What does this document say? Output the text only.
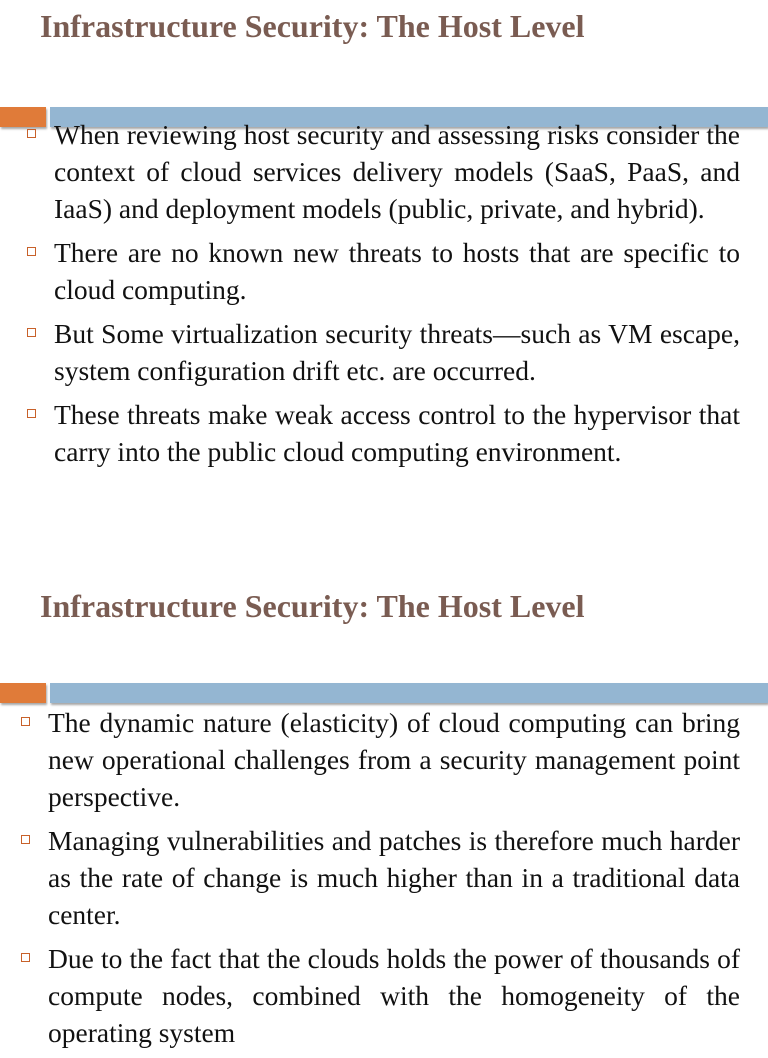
Infrastructure Security: The Host Level
When reviewing host security and assessing risks consider the context of cloud services delivery models (SaaS, PaaS, and IaaS) and deployment models (public, private, and hybrid).
There are no known new threats to hosts that are specific to cloud computing.
But Some virtualization security threats—such as VM escape, system configuration drift etc. are occurred.
These threats make weak access control to the hypervisor that carry into the public cloud computing environment.
Infrastructure Security: The Host Level
The dynamic nature (elasticity) of cloud computing can bring new operational challenges from a security management point perspective.
Managing vulnerabilities and patches is therefore much harder as the rate of change is much higher than in a traditional data center.
Due to the fact that the clouds holds the power of thousands of compute nodes, combined with the homogeneity of the operating system
